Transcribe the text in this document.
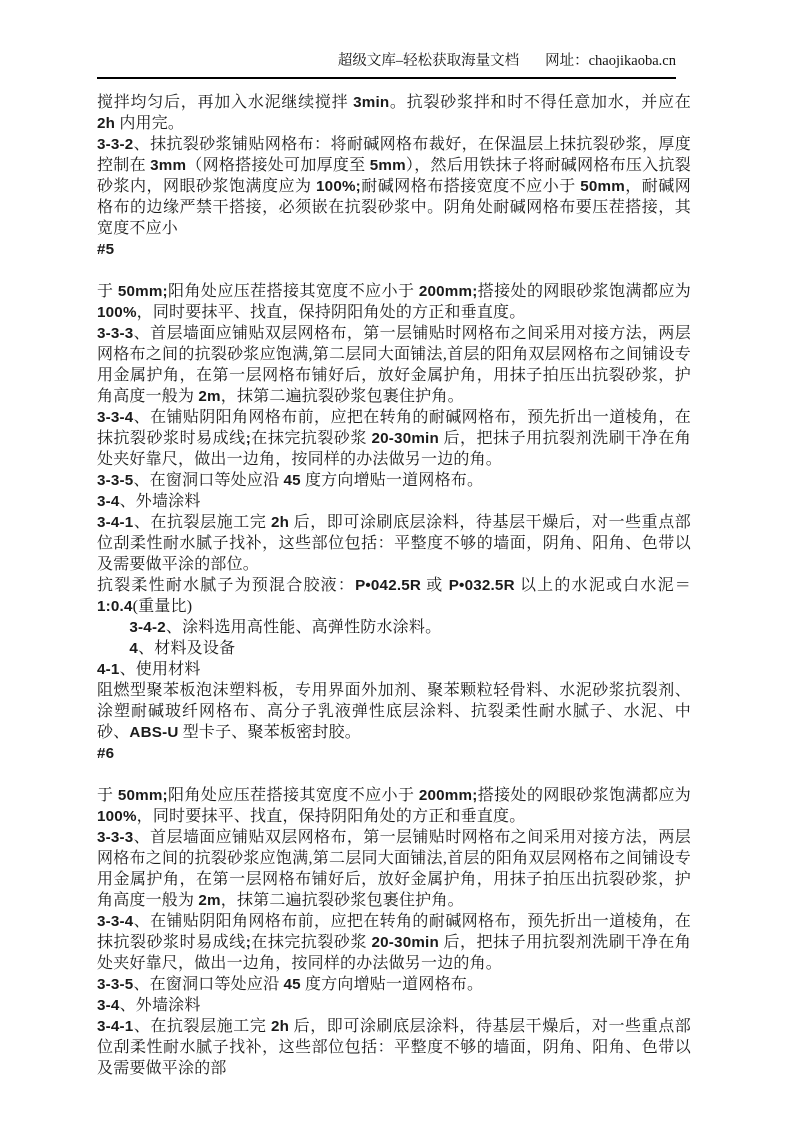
超级文库–轻松获取海量文档 网址：chaojikaoba.cn

搅拌均匀后，再加入水泥继续搅拌 3min。抗裂砂浆拌和时不得任意加水，并应在 2h 内用完。

3-3-2、抹抗裂砂浆铺贴网格布：将耐碱网格布裁好，在保温层上抹抗裂砂浆，厚度控制在 3mm（网格搭接处可加厚度至 5mm），然后用铁抹子将耐碱网格布压入抗裂砂浆内，网眼砂浆饱满度应为 100%;耐碱网格布搭接宽度不应小于 50mm，耐碱网格布的边缘严禁干搭接，必须嵌在抗裂砂浆中。阴角处耐碱网格布要压茬搭接，其宽度不应小

#5

于 50mm;阳角处应压茬搭接其宽度不应小于 200mm;搭接处的网眼砂浆饱满都应为 100%，同时要抹平、找直，保持阴阳角处的方正和垂直度。

3-3-3、首层墙面应铺贴双层网格布，第一层铺贴时网格布之间采用对接方法，两层网格布之间的抗裂砂浆应饱满,第二层同大面铺法,首层的阳角双层网格布之间铺设专用金属护角，在第一层网格布铺好后，放好金属护角，用抹子拍压出抗裂砂浆，护角高度一般为 2m，抹第二遍抗裂砂浆包裹住护角。

3-3-4、在铺贴阴阳角网格布前，应把在转角的耐碱网格布，预先折出一道棱角，在抹抗裂砂浆时易成线;在抹完抗裂砂浆 20-30min 后，把抹子用抗裂剂洗刷干净在角处夹好靠尺，做出一边角，按同样的办法做另一边的角。

3-3-5、在窗洞口等处应沿 45 度方向增贴一道网格布。

3-4、外墙涂料

3-4-1、在抗裂层施工完 2h 后，即可涂刷底层涂料，待基层干燥后，对一些重点部位刮柔性耐水腻子找补，这些部位包括：平整度不够的墙面，阴角、阳角、色带以及需要做平涂的部位。

抗裂柔性耐水腻子为预混合胶液：P•042.5R 或 P•032.5R 以上的水泥或白水泥＝1:0.4(重量比)

　　3-4-2、涂料选用高性能、高弹性防水涂料。

　　4、材料及设备

4-1、使用材料

阻燃型聚苯板泡沫塑料板，专用界面外加剂、聚苯颗粒轻骨料、水泥砂浆抗裂剂、涂塑耐碱玻纤网格布、高分子乳液弹性底层涂料、抗裂柔性耐水腻子、水泥、中砂、ABS-U 型卡子、聚苯板密封胶。

#6

于 50mm;阳角处应压茬搭接其宽度不应小于 200mm;搭接处的网眼砂浆饱满都应为 100%，同时要抹平、找直，保持阴阳角处的方正和垂直度。

3-3-3、首层墙面应铺贴双层网格布，第一层铺贴时网格布之间采用对接方法，两层网格布之间的抗裂砂浆应饱满,第二层同大面铺法,首层的阳角双层网格布之间铺设专用金属护角，在第一层网格布铺好后，放好金属护角，用抹子拍压出抗裂砂浆，护角高度一般为 2m，抹第二遍抗裂砂浆包裹住护角。

3-3-4、在铺贴阴阳角网格布前，应把在转角的耐碱网格布，预先折出一道棱角，在抹抗裂砂浆时易成线;在抹完抗裂砂浆 20-30min 后，把抹子用抗裂剂洗刷干净在角处夹好靠尺，做出一边角，按同样的办法做另一边的角。

3-3-5、在窗洞口等处应沿 45 度方向增贴一道网格布。

3-4、外墙涂料

3-4-1、在抗裂层施工完 2h 后，即可涂刷底层涂料，待基层干燥后，对一些重点部位刮柔性耐水腻子找补，这些部位包括：平整度不够的墙面，阴角、阳角、色带以及需要做平涂的部
